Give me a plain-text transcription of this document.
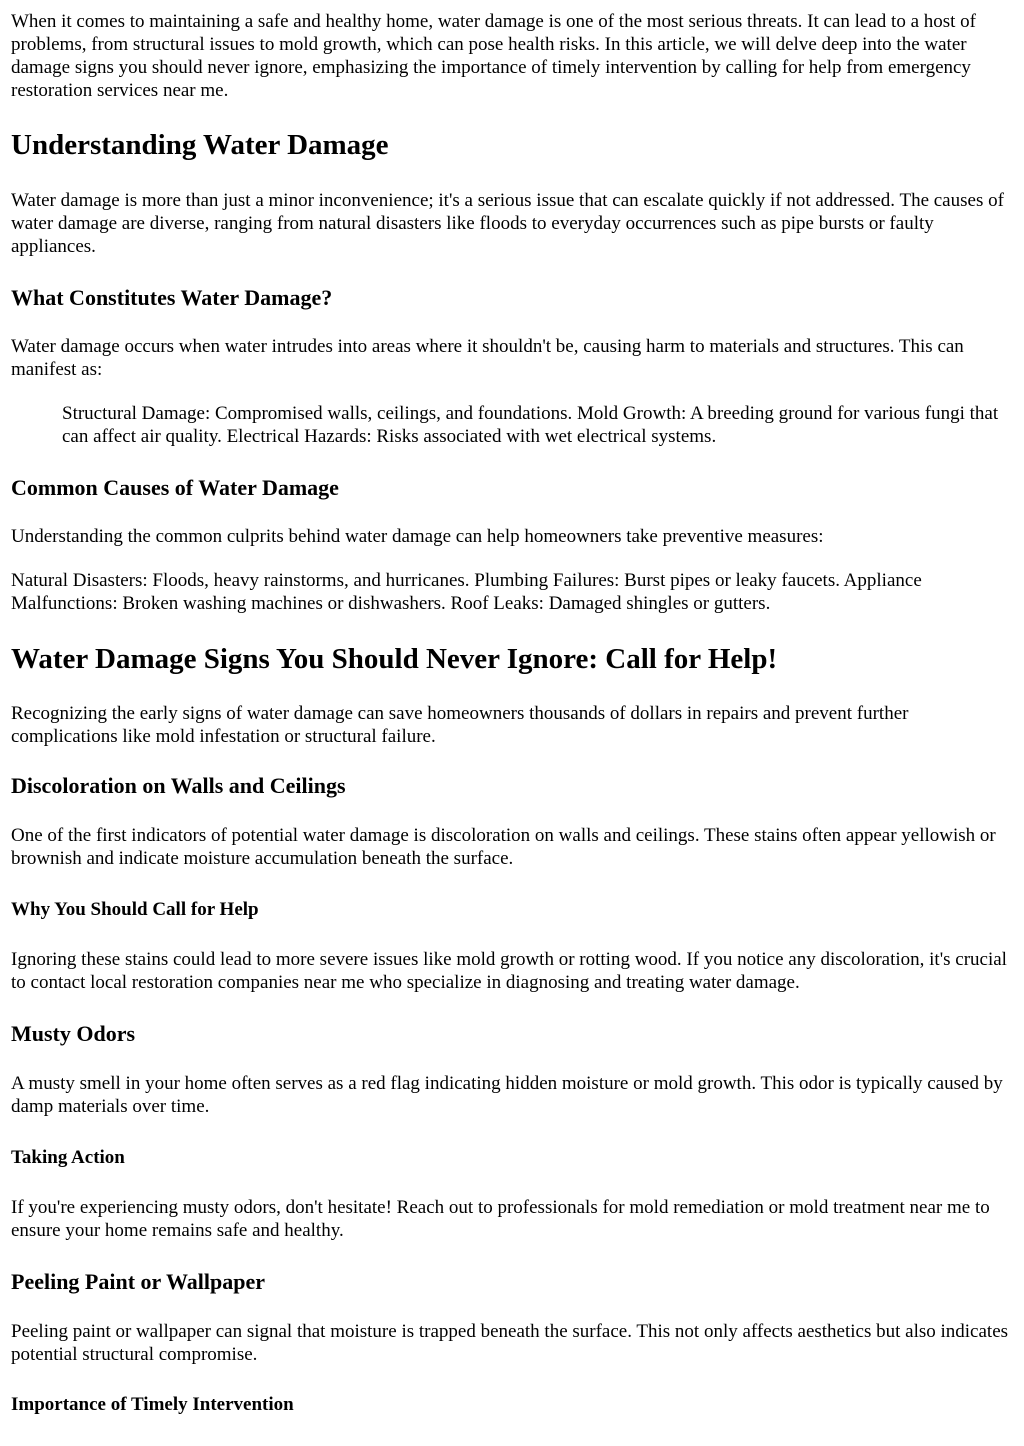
When it comes to maintaining a safe and healthy home, water damage is one of the most serious threats. It can lead to a host of problems, from structural issues to mold growth, which can pose health risks. In this article, we will delve deep into the water damage signs you should never ignore, emphasizing the importance of timely intervention by calling for help from emergency restoration services near me.

Understanding Water Damage

Water damage is more than just a minor inconvenience; it's a serious issue that can escalate quickly if not addressed. The causes of water damage are diverse, ranging from natural disasters like floods to everyday occurrences such as pipe bursts or faulty appliances.

What Constitutes Water Damage?

Water damage occurs when water intrudes into areas where it shouldn't be, causing harm to materials and structures. This can manifest as:

Structural Damage: Compromised walls, ceilings, and foundations. Mold Growth: A breeding ground for various fungi that can affect air quality. Electrical Hazards: Risks associated with wet electrical systems.

Common Causes of Water Damage

Understanding the common culprits behind water damage can help homeowners take preventive measures:

Natural Disasters: Floods, heavy rainstorms, and hurricanes. Plumbing Failures: Burst pipes or leaky faucets. Appliance Malfunctions: Broken washing machines or dishwashers. Roof Leaks: Damaged shingles or gutters.

Water Damage Signs You Should Never Ignore: Call for Help!

Recognizing the early signs of water damage can save homeowners thousands of dollars in repairs and prevent further complications like mold infestation or structural failure.

Discoloration on Walls and Ceilings

One of the first indicators of potential water damage is discoloration on walls and ceilings. These stains often appear yellowish or brownish and indicate moisture accumulation beneath the surface.

Why You Should Call for Help

Ignoring these stains could lead to more severe issues like mold growth or rotting wood. If you notice any discoloration, it's crucial to contact local restoration companies near me who specialize in diagnosing and treating water damage.

Musty Odors

A musty smell in your home often serves as a red flag indicating hidden moisture or mold growth. This odor is typically caused by damp materials over time.

Taking Action

If you're experiencing musty odors, don't hesitate! Reach out to professionals for mold remediation or mold treatment near me to ensure your home remains safe and healthy.

Peeling Paint or Wallpaper

Peeling paint or wallpaper can signal that moisture is trapped beneath the surface. This not only affects aesthetics but also indicates potential structural compromise.

Importance of Timely Intervention
